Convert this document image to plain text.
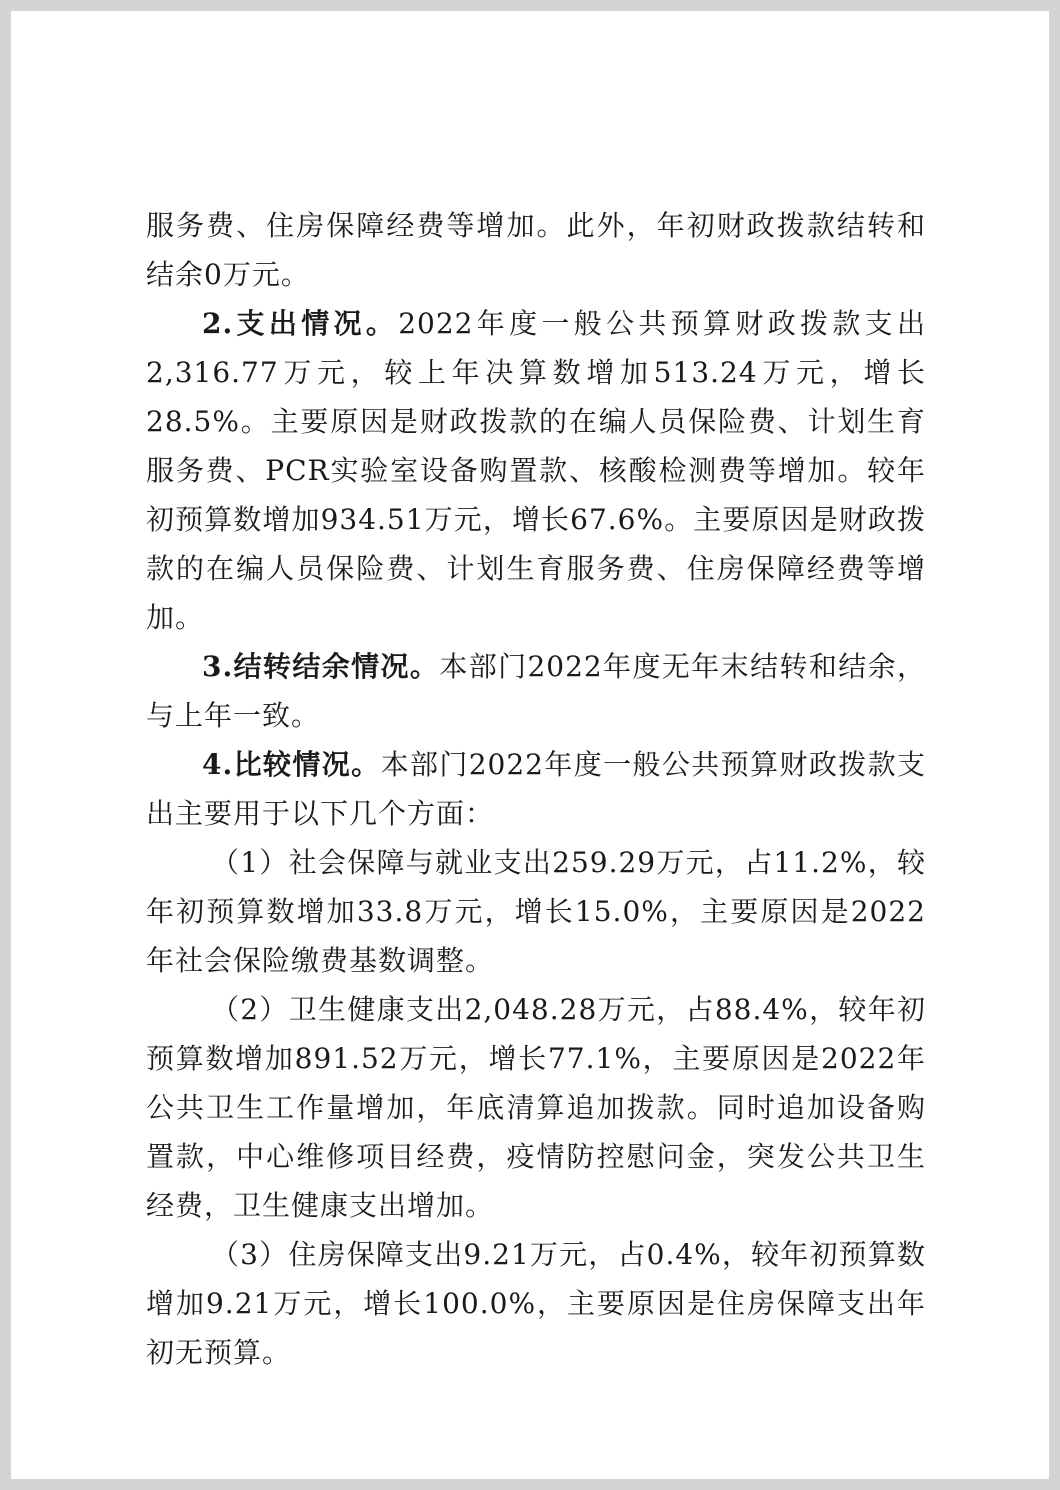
服务费、住房保障经费等增加。此外，年初财政拨款结转和结余0万元。

2.支出情况。2022年度一般公共预算财政拨款支出2,316.77万元，较上年决算数增加513.24万元，增长28.5%。主要原因是财政拨款的在编人员保险费、计划生育服务费、PCR实验室设备购置款、核酸检测费等增加。较年初预算数增加934.51万元，增长67.6%。主要原因是财政拨款的在编人员保险费、计划生育服务费、住房保障经费等增加。

3.结转结余情况。本部门2022年度无年末结转和结余，与上年一致。

4.比较情况。本部门2022年度一般公共预算财政拨款支出主要用于以下几个方面：

（1）社会保障与就业支出259.29万元，占11.2%，较年初预算数增加33.8万元，增长15.0%，主要原因是2022年社会保险缴费基数调整。

（2）卫生健康支出2,048.28万元，占88.4%，较年初预算数增加891.52万元，增长77.1%，主要原因是2022年公共卫生工作量增加，年底清算追加拨款。同时追加设备购置款，中心维修项目经费，疫情防控慰问金，突发公共卫生经费，卫生健康支出增加。

（3）住房保障支出9.21万元，占0.4%，较年初预算数增加9.21万元，增长100.0%，主要原因是住房保障支出年初无预算。
